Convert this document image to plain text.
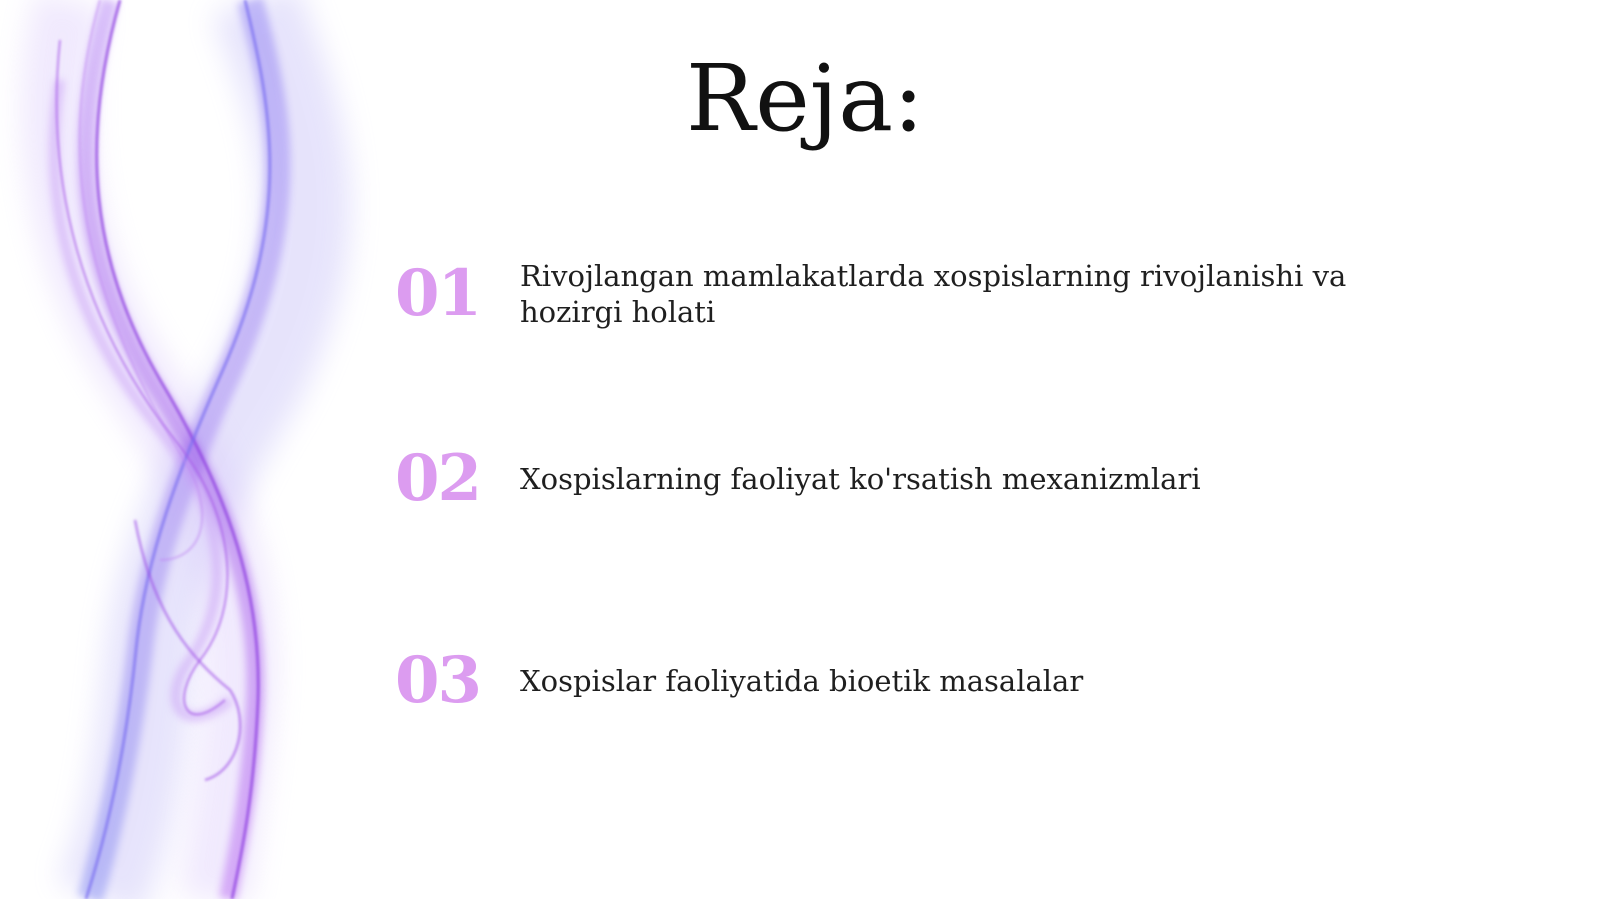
Reja:
01	Rivojlangan mamlakatlarda xospislarning rivojlanishi va hozirgi holati
02	Xospislarning faoliyat ko'rsatish mexanizmlari
03	Xospislar faoliyatida bioetik masalalar
